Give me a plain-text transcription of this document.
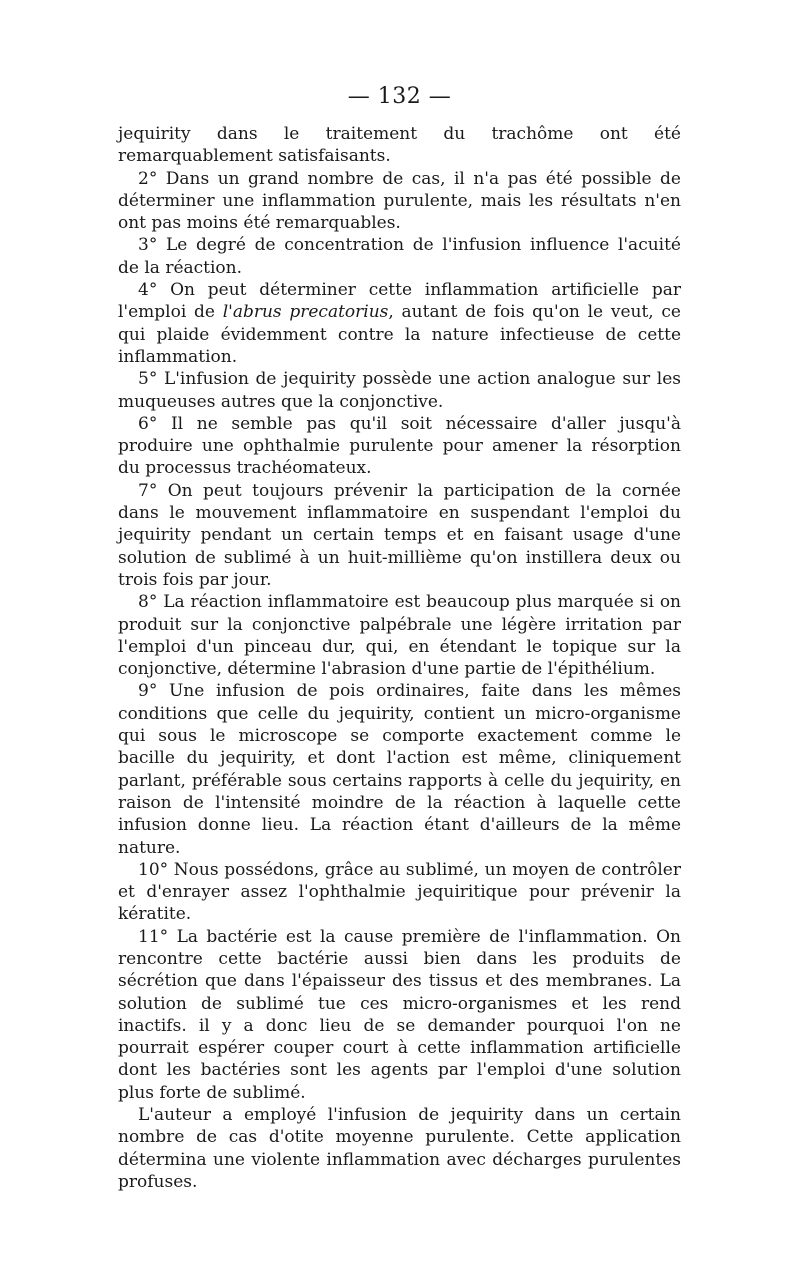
— 132 —

jequirity dans le traitement du trachôme ont été remarquablement satisfaisants.

2° Dans un grand nombre de cas, il n'a pas été possible de déterminer une inflammation purulente, mais les résultats n'en ont pas moins été remarquables.

3° Le degré de concentration de l'infusion influence l'acuité de la réaction.

4° On peut déterminer cette inflammation artificielle par l'emploi de l'abrus precatorius, autant de fois qu'on le veut, ce qui plaide évidemment contre la nature infectieuse de cette inflammation.

5° L'infusion de jequirity possède une action analogue sur les muqueuses autres que la conjonctive.

6° Il ne semble pas qu'il soit nécessaire d'aller jusqu'à produire une ophthalmie purulente pour amener la résorption du processus trachéomateux.

7° On peut toujours prévenir la participation de la cornée dans le mouvement inflammatoire en suspendant l'emploi du jequirity pendant un certain temps et en faisant usage d'une solution de sublimé à un huit-millième qu'on instillera deux ou trois fois par jour.

8° La réaction inflammatoire est beaucoup plus marquée si on produit sur la conjonctive palpébrale une légère irritation par l'emploi d'un pinceau dur, qui, en étendant le topique sur la conjonctive, détermine l'abrasion d'une partie de l'épithélium.

9° Une infusion de pois ordinaires, faite dans les mêmes conditions que celle du jequirity, contient un micro-organisme qui sous le microscope se comporte exactement comme le bacille du jequirity, et dont l'action est même, cliniquement parlant, préférable sous certains rapports à celle du jequirity, en raison de l'intensité moindre de la réaction à laquelle cette infusion donne lieu. La réaction étant d'ailleurs de la même nature.

10° Nous possédons, grâce au sublimé, un moyen de contrôler et d'enrayer assez l'ophthalmie jequiritique pour prévenir la kératite.

11° La bactérie est la cause première de l'inflammation. On rencontre cette bactérie aussi bien dans les produits de sécrétion que dans l'épaisseur des tissus et des membranes. La solution de sublimé tue ces micro-organismes et les rend inactifs. il y a donc lieu de se demander pourquoi l'on ne pourrait espérer couper court à cette inflammation artificielle dont les bactéries sont les agents par l'emploi d'une solution plus forte de sublimé.

L'auteur a employé l'infusion de jequirity dans un certain nombre de cas d'otite moyenne purulente. Cette application détermina une violente inflammation avec décharges purulentes profuses.
